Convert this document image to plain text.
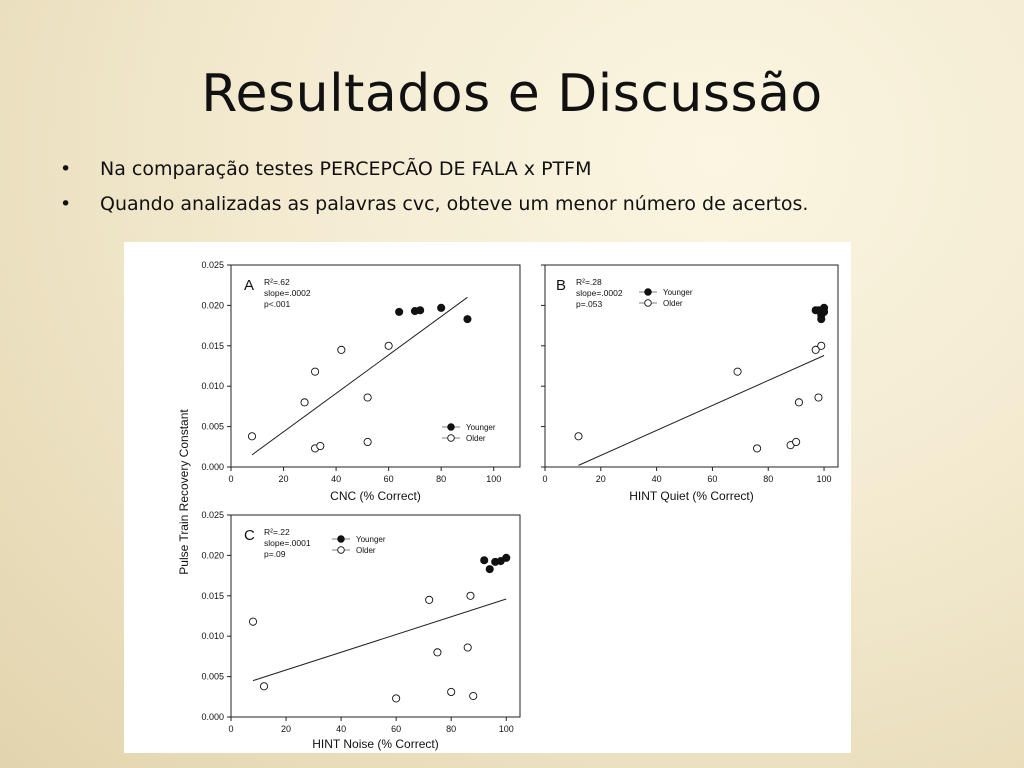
Resultados e Discussão
• Na comparação testes PERCEPCÃO DE FALA x PTFM
• Quando analizadas as palavras cvc, obteve um menor número de acertos.
0	20	40	60	80	100
0.000
0.005
0.010
0.015
0.020
0.025
CNC (% Correct)
A R²=.62
slope=.0002
p<.001
Younger
Older
0	20	40	60	80	100
HINT Quiet (% Correct)
B R²=.28
slope=.0002
p=.053
Younger
Older
0	20	40	60	80	100
0.000
0.005
0.010
0.015
0.020
0.025
HINT Noise (% Correct)
C R²=.22
slope=.0001
p=.09
Younger
Older
Pulse Train Recovery Constant
